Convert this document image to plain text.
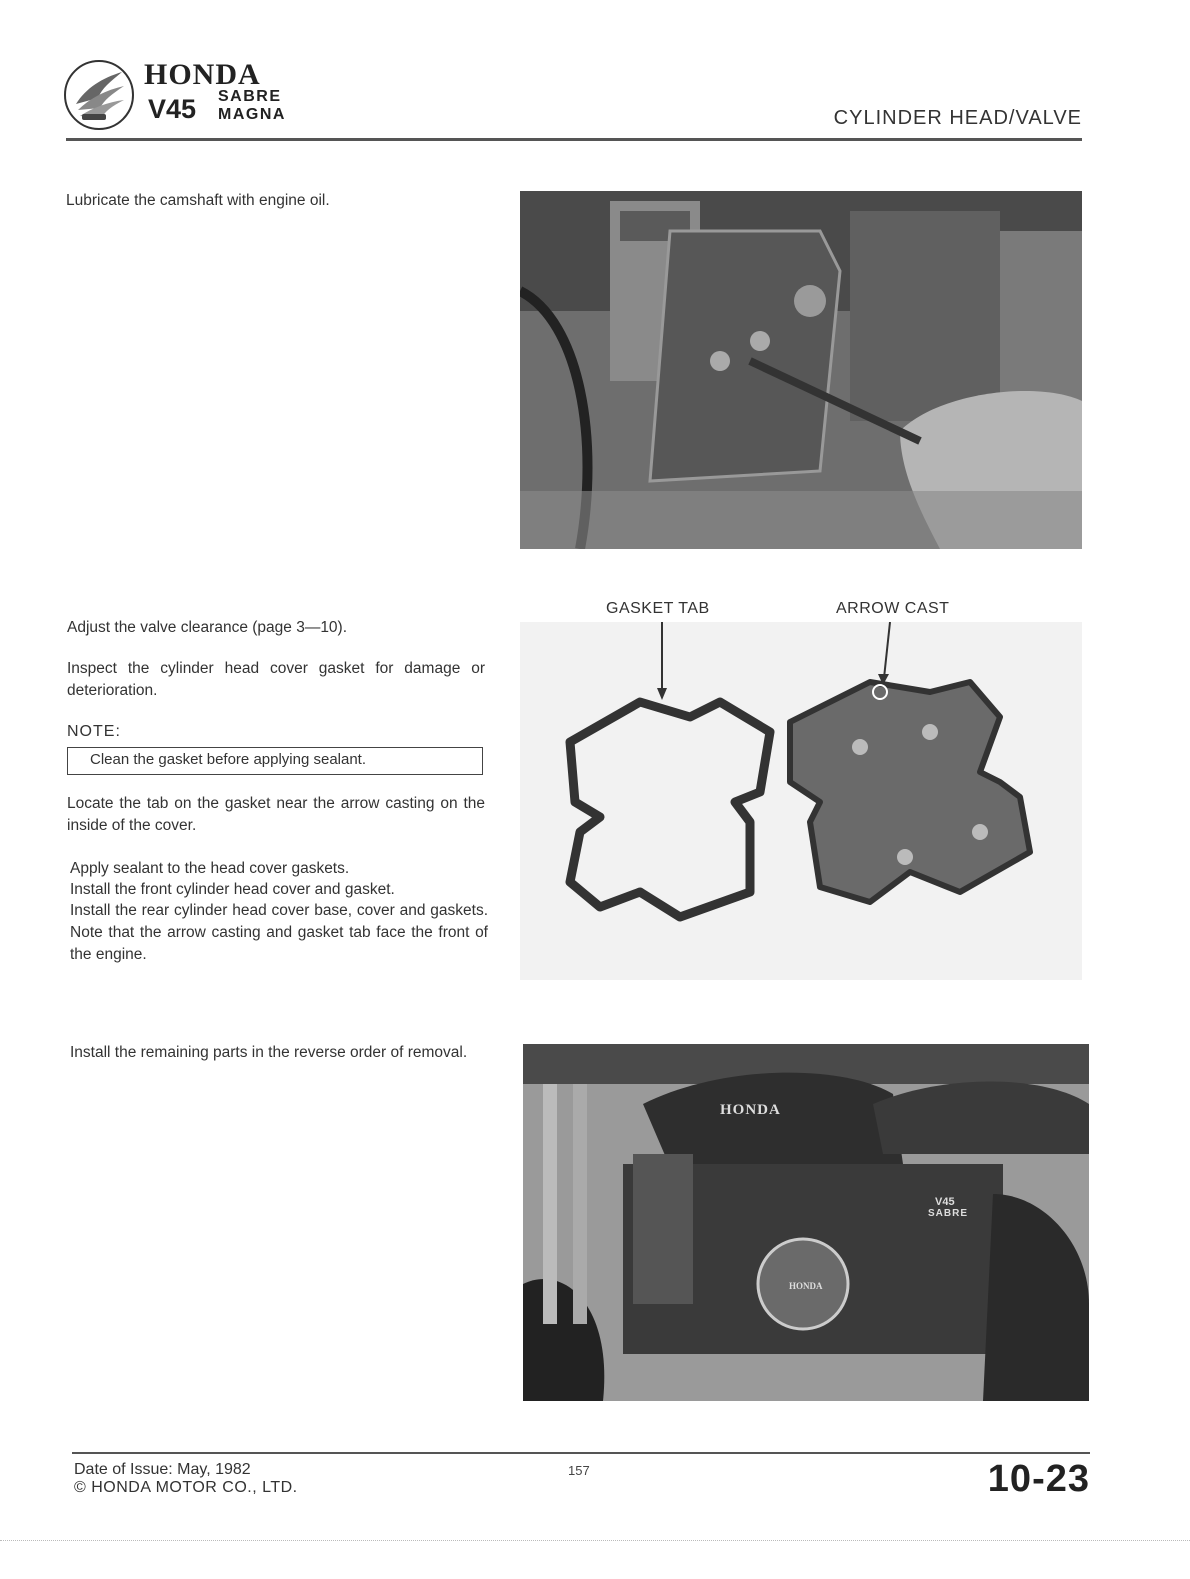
HONDA
V45 SABRE
MAGNA	CYLINDER HEAD/VALVE
Lubricate the camshaft with engine oil.
Adjust the valve clearance (page 3—10).
Inspect the cylinder head cover gasket for damage or deterioration.
NOTE:
Clean the gasket before applying sealant.
Locate the tab on the gasket near the arrow casting on the inside of the cover.
Apply sealant to the head cover gaskets.
Install the front cylinder head cover and gasket.
Install the rear cylinder head cover base, cover and gaskets. Note that the arrow casting and gasket tab face the front of the engine.
Install the remaining parts in the reverse order of removal.
GASKET TAB	ARROW CAST
HONDA
V45
SABRE
HONDA
Date of Issue: May, 1982
© HONDA MOTOR CO., LTD.
157	10-23
